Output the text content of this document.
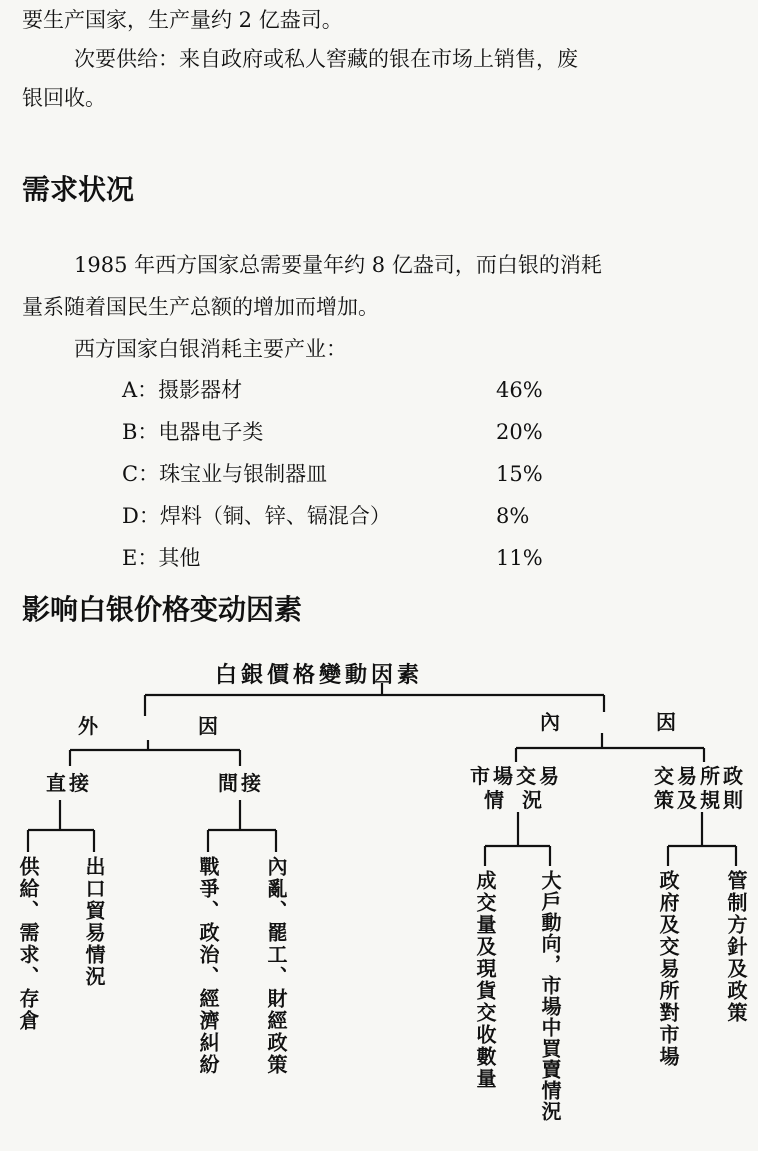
要生产国家，生产量约 2 亿盎司。
次要供给：来自政府或私人窖藏的银在市场上销售，废
银回收。
需求状况
1985 年西方国家总需要量年约 8 亿盎司，而白银的消耗
量系随着国民生产总额的增加而增加。
西方国家白银消耗主要产业：
A：摄影器材	46%
B：电器电子类	20%
C：珠宝业与银制器皿	15%
D：焊料（铜、锌、镉混合）	8%
E：其他	11%
影响白银价格变动因素
白銀價格變動因素
外	因	內	因
直接	間接	市場交易
情況
交易所政
策及規則
供給、需求、存倉 出口貿易情況	戰爭、政治、經濟糾紛 內亂、罷工、財經政策	成交量及現貨交收數量 大戶動向，市場中買賣情況	政府及交易所對市場 管制方針及政策
